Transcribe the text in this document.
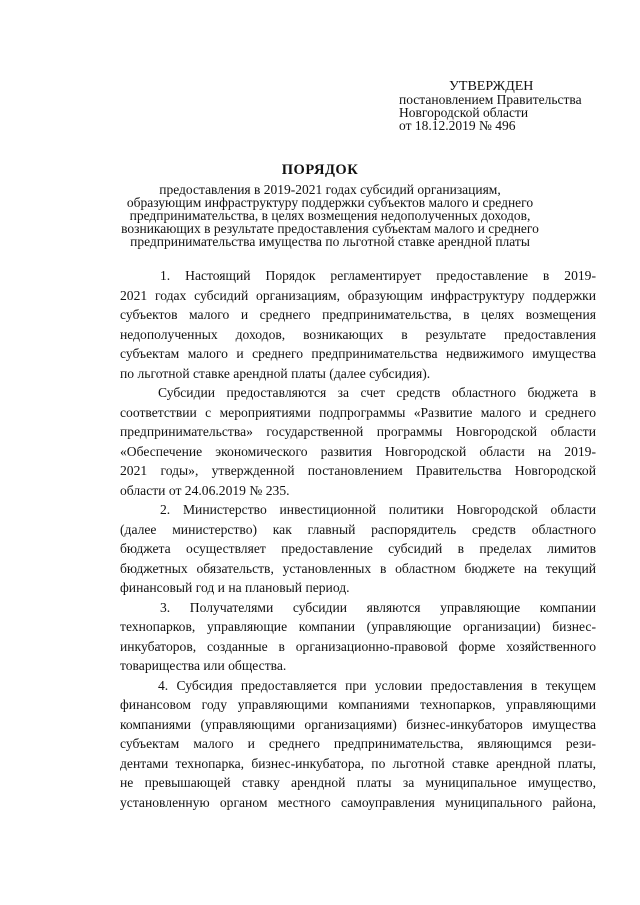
УТВЕРЖДЕН
постановлением Правительства
Новгородской области
от 18.12.2019 № 496
ПОРЯДОК
предоставления в 2019-2021 годах субсидий организациям,
образующим инфраструктуру поддержки субъектов малого и среднего
предпринимательства, в целях возмещения недополученных доходов,
возникающих в результате предоставления субъектам малого и среднего
предпринимательства имущества по льготной ставке арендной платы
1. Настоящий Порядок регламентирует предоставление в 2019-
2021 годах субсидий организациям, образующим инфраструктуру поддержки
субъектов малого и среднего предпринимательства, в целях возмещения
недополученных доходов, возникающих в результате предоставления
субъектам малого и среднего предпринимательства недвижимого имущества
по льготной ставке арендной платы (далее субсидия).
Субсидии предоставляются за счет средств областного бюджета в
соответствии с мероприятиями подпрограммы «Развитие малого и среднего
предпринимательства» государственной программы Новгородской области
«Обеспечение экономического развития Новгородской области на 2019-
2021 годы», утвержденной постановлением Правительства Новгородской
области от 24.06.2019 № 235.
2. Министерство инвестиционной политики Новгородской области
(далее министерство) как главный распорядитель средств областного
бюджета осуществляет предоставление субсидий в пределах лимитов
бюджетных обязательств, установленных в областном бюджете на текущий
финансовый год и на плановый период.
3. Получателями субсидии являются управляющие компании
технопарков, управляющие компании (управляющие организации) бизнес-
инкубаторов, созданные в организационно-правовой форме хозяйственного
товарищества или общества.
4. Субсидия предоставляется при условии предоставления в текущем
финансовом году управляющими компаниями технопарков, управляющими
компаниями (управляющими организациями) бизнес-инкубаторов имущества
субъектам малого и среднего предпринимательства, являющимся рези-
дентами технопарка, бизнес-инкубатора, по льготной ставке арендной платы,
не превышающей ставку арендной платы за муниципальное имущество,
установленную органом местного самоуправления муниципального района,
